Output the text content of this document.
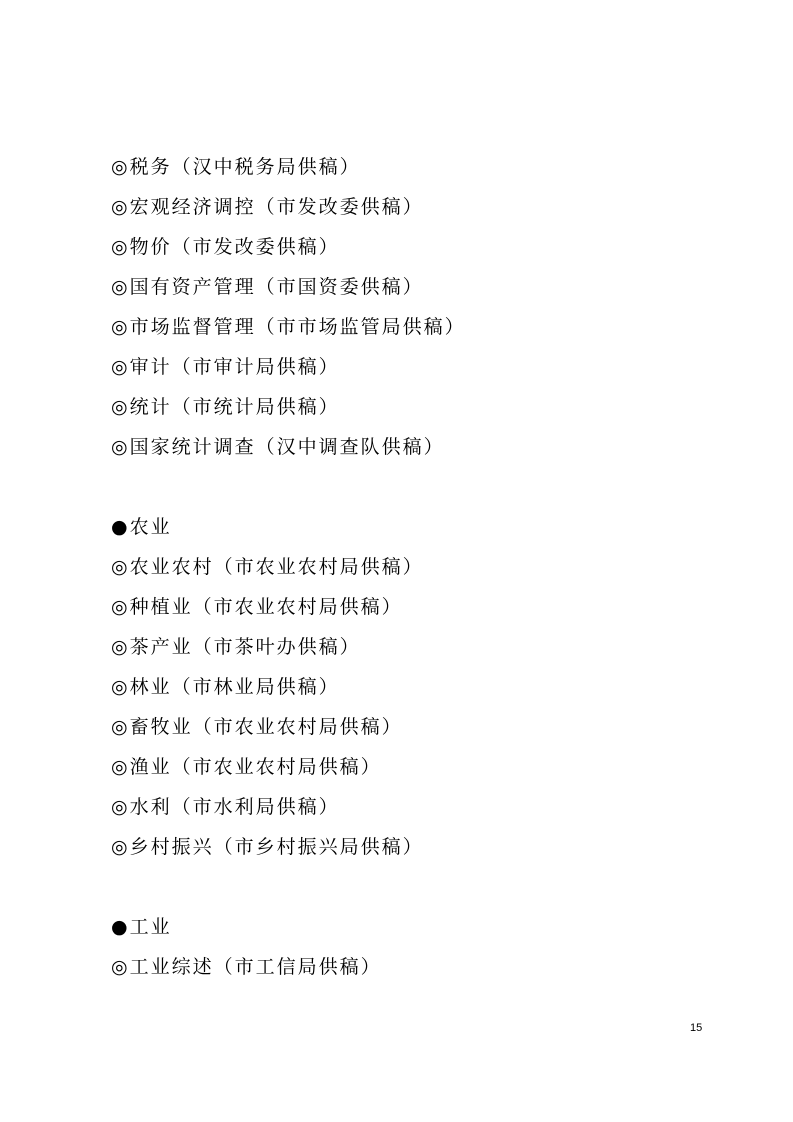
◎税务（汉中税务局供稿）
◎宏观经济调控（市发改委供稿）
◎物价（市发改委供稿）
◎国有资产管理（市国资委供稿）
◎市场监督管理（市市场监管局供稿）
◎审计（市审计局供稿）
◎统计（市统计局供稿）
◎国家统计调查（汉中调查队供稿）
●农业
◎农业农村（市农业农村局供稿）
◎种植业（市农业农村局供稿）
◎茶产业（市茶叶办供稿）
◎林业（市林业局供稿）
◎畜牧业（市农业农村局供稿）
◎渔业（市农业农村局供稿）
◎水利（市水利局供稿）
◎乡村振兴（市乡村振兴局供稿）
●工业
◎工业综述（市工信局供稿）
15
